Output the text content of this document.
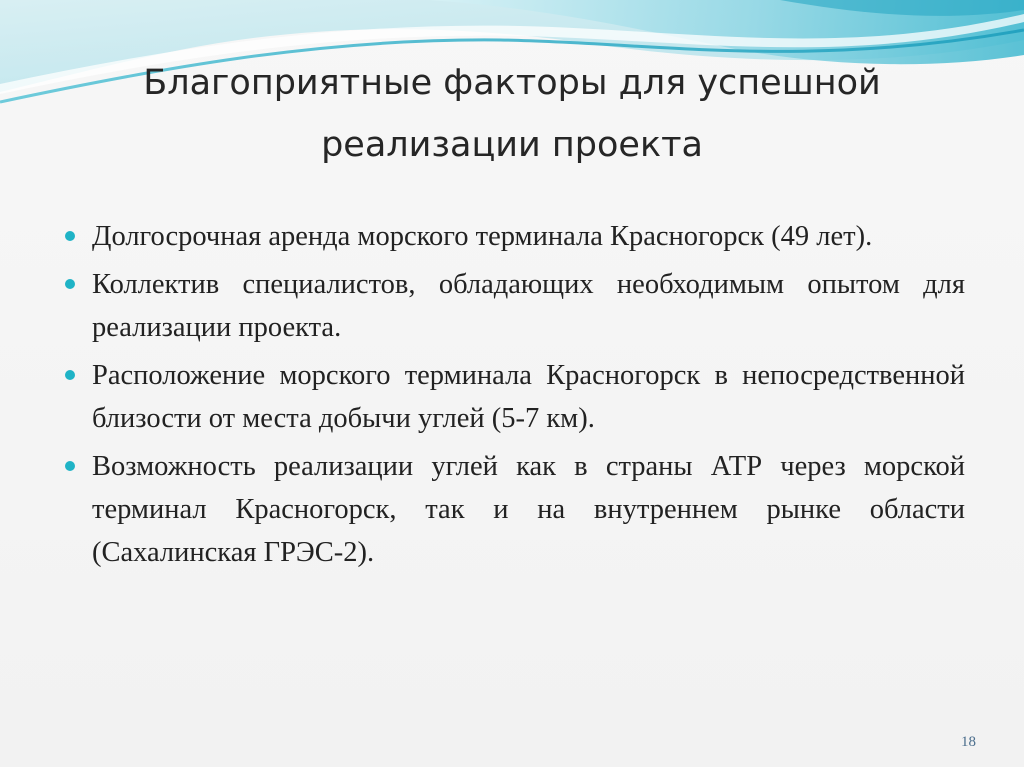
Благоприятные факторы для успешной
реализации проекта
Долгосрочная аренда морского терминала Красногорск (49 лет).
Коллектив специалистов, обладающих необходимым опытом для реализации проекта.
Расположение морского терминала Красногорск в непосредственной близости от места добычи углей (5-7 км).
Возможность реализации углей как в страны АТР через морской терминал Красногорск, так и на внутреннем рынке области (Сахалинская ГРЭС-2).
18
